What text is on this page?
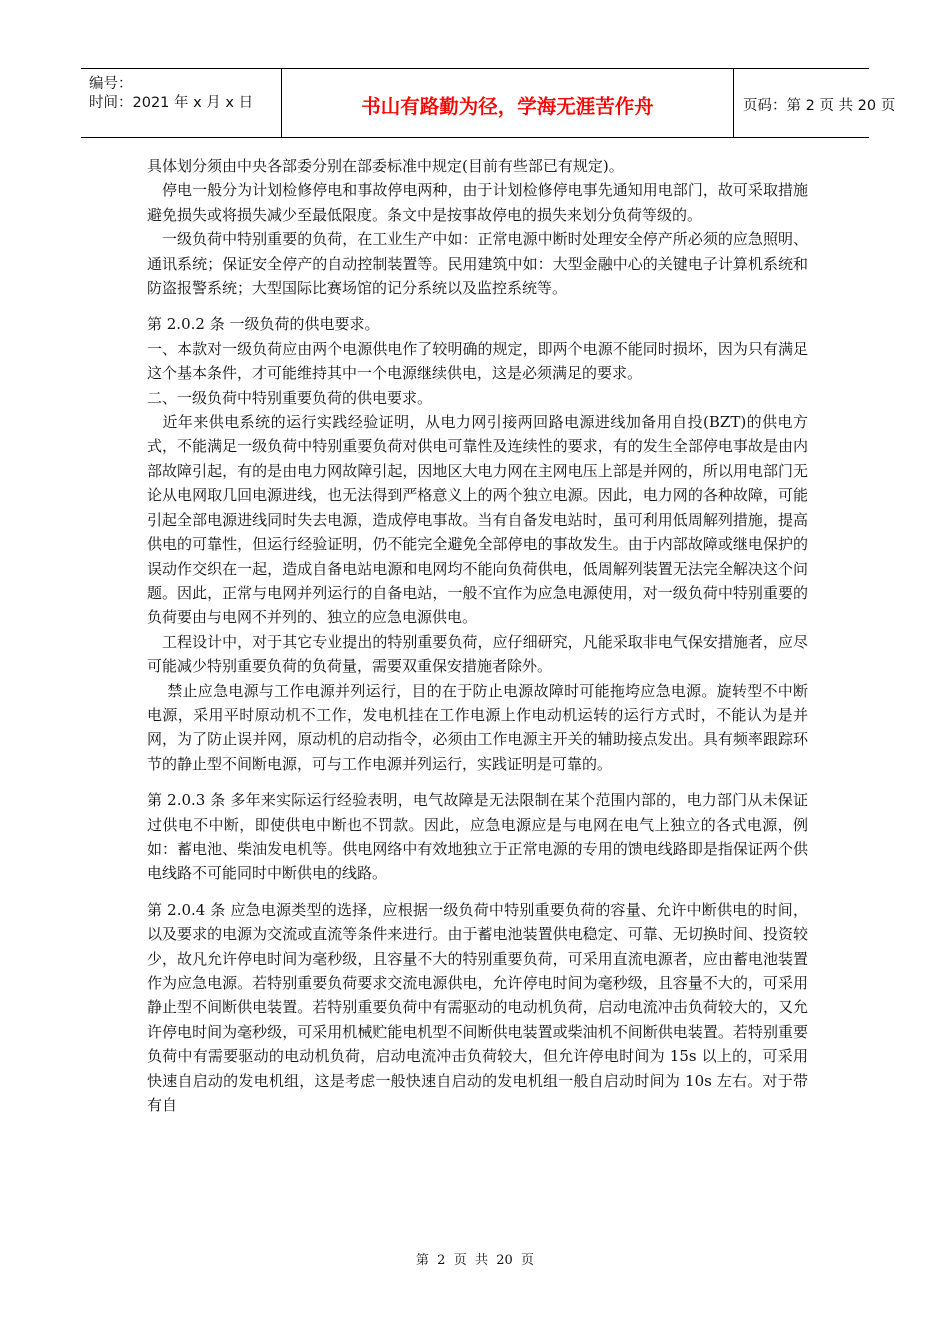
编号：
时间：2021 年 x 月 x 日	书山有路勤为径，学海无涯苦作舟	页码：第 2 页 共 20 页

具体划分须由中央各部委分别在部委标准中规定(目前有些部已有规定)。

　停电一般分为计划检修停电和事故停电两种，由于计划检修停电事先通知用电部门，故可采取措施避免损失或将损失减少至最低限度。条文中是按事故停电的损失来划分负荷等级的。

　一级负荷中特别重要的负荷，在工业生产中如：正常电源中断时处理安全停产所必须的应急照明、通讯系统；保证安全停产的自动控制装置等。民用建筑中如：大型金融中心的关键电子计算机系统和防盗报警系统；大型国际比赛场馆的记分系统以及监控系统等。

第 2.0.2 条 一级负荷的供电要求。

一、本款对一级负荷应由两个电源供电作了较明确的规定，即两个电源不能同时损坏，因为只有满足这个基本条件，才可能维持其中一个电源继续供电，这是必须满足的要求。

二、一级负荷中特别重要负荷的供电要求。

　近年来供电系统的运行实践经验证明，从电力网引接两回路电源进线加备用自投(BZT)的供电方式，不能满足一级负荷中特别重要负荷对供电可靠性及连续性的要求，有的发生全部停电事故是由内部故障引起，有的是由电力网故障引起，因地区大电力网在主网电压上部是并网的，所以用电部门无论从电网取几回电源进线，也无法得到严格意义上的两个独立电源。因此，电力网的各种故障，可能引起全部电源进线同时失去电源，造成停电事故。当有自备发电站时，虽可利用低周解列措施，提高供电的可靠性，但运行经验证明，仍不能完全避免全部停电的事故发生。由于内部故障或继电保护的误动作交织在一起，造成自备电站电源和电网均不能向负荷供电，低周解列装置无法完全解决这个问题。因此，正常与电网并列运行的自备电站，一般不宜作为应急电源使用，对一级负荷中特别重要的负荷要由与电网不并列的、独立的应急电源供电。

　工程设计中，对于其它专业提出的特别重要负荷，应仔细研究，凡能采取非电气保安措施者，应尽可能减少特别重要负荷的负荷量，需要双重保安措施者除外。

　 禁止应急电源与工作电源并列运行，目的在于防止电源故障时可能拖垮应急电源。旋转型不中断电源，采用平时原动机不工作，发电机挂在工作电源上作电动机运转的运行方式时，不能认为是并网，为了防止误并网，原动机的启动指令，必须由工作电源主开关的辅助接点发出。具有频率跟踪环节的静止型不间断电源，可与工作电源并列运行，实践证明是可靠的。

第 2.0.3 条 多年来实际运行经验表明，电气故障是无法限制在某个范围内部的，电力部门从未保证过供电不中断，即使供电中断也不罚款。因此，应急电源应是与电网在电气上独立的各式电源，例如：蓄电池、柴油发电机等。供电网络中有效地独立于正常电源的专用的馈电线路即是指保证两个供电线路不可能同时中断供电的线路。

第 2.0.4 条 应急电源类型的选择，应根据一级负荷中特别重要负荷的容量、允许中断供电的时间，以及要求的电源为交流或直流等条件来进行。由于蓄电池装置供电稳定、可靠、无切换时间、投资较少，故凡允许停电时间为毫秒级，且容量不大的特别重要负荷，可采用直流电源者，应由蓄电池装置作为应急电源。若特别重要负荷要求交流电源供电，允许停电时间为毫秒级，且容量不大的，可采用静止型不间断供电装置。若特别重要负荷中有需驱动的电动机负荷，启动电流冲击负荷较大的，又允许停电时间为毫秒级，可采用机械贮能电机型不间断供电装置或柴油机不间断供电装置。若特别重要负荷中有需要驱动的电动机负荷，启动电流冲击负荷较大，但允许停电时间为 15s 以上的，可采用快速自启动的发电机组，这是考虑一般快速自启动的发电机组一般自启动时间为 10s 左右。对于带有自

第  2  页  共  20  页
